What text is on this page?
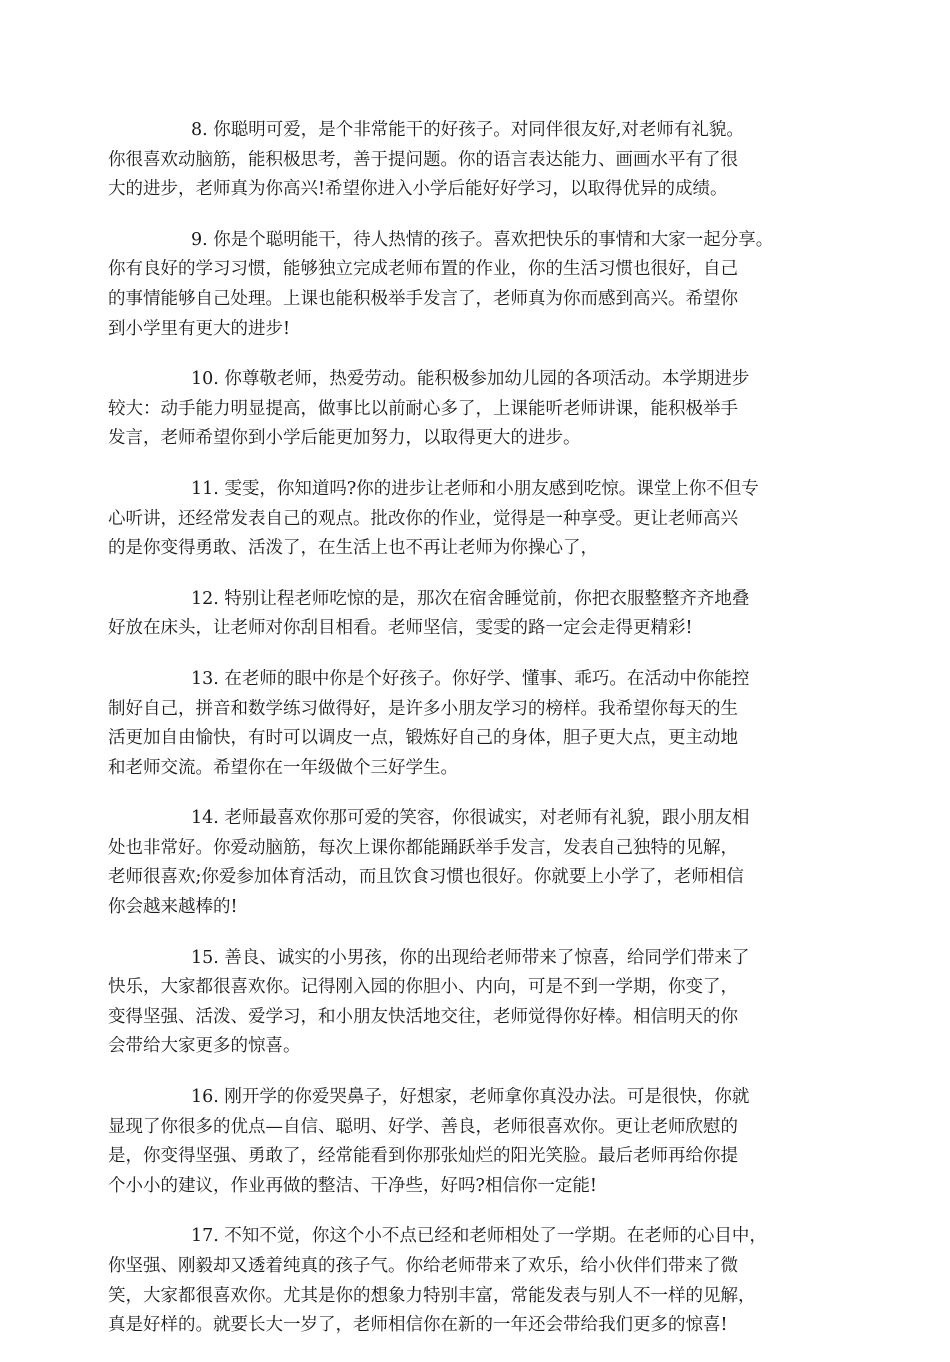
8. 你聪明可爱，是个非常能干的好孩子。对同伴很友好,对老师有礼貌。
你很喜欢动脑筋，能积极思考，善于提问题。你的语言表达能力、画画水平有了很
大的进步，老师真为你高兴!希望你进入小学后能好好学习，以取得优异的成绩。

9. 你是个聪明能干，待人热情的孩子。喜欢把快乐的事情和大家一起分享。
你有良好的学习习惯，能够独立完成老师布置的作业，你的生活习惯也很好，自己
的事情能够自己处理。上课也能积极举手发言了，老师真为你而感到高兴。希望你
到小学里有更大的进步!

10. 你尊敬老师，热爱劳动。能积极参加幼儿园的各项活动。本学期进步
较大：动手能力明显提高，做事比以前耐心多了，上课能听老师讲课，能积极举手
发言，老师希望你到小学后能更加努力，以取得更大的进步。

11. 雯雯，你知道吗?你的进步让老师和小朋友感到吃惊。课堂上你不但专
心听讲，还经常发表自己的观点。批改你的作业，觉得是一种享受。更让老师高兴
的是你变得勇敢、活泼了，在生活上也不再让老师为你操心了，

12. 特别让程老师吃惊的是，那次在宿舍睡觉前，你把衣服整整齐齐地叠
好放在床头，让老师对你刮目相看。老师坚信，雯雯的路一定会走得更精彩!

13. 在老师的眼中你是个好孩子。你好学、懂事、乖巧。在活动中你能控
制好自己，拼音和数学练习做得好，是许多小朋友学习的榜样。我希望你每天的生
活更加自由愉快，有时可以调皮一点，锻炼好自己的身体，胆子更大点，更主动地
和老师交流。希望你在一年级做个三好学生。

14. 老师最喜欢你那可爱的笑容，你很诚实，对老师有礼貌，跟小朋友相
处也非常好。你爱动脑筋，每次上课你都能踊跃举手发言，发表自己独特的见解，
老师很喜欢;你爱参加体育活动，而且饮食习惯也很好。你就要上小学了，老师相信
你会越来越棒的!

15. 善良、诚实的小男孩，你的出现给老师带来了惊喜，给同学们带来了
快乐，大家都很喜欢你。记得刚入园的你胆小、内向，可是不到一学期，你变了，
变得坚强、活泼、爱学习，和小朋友快活地交往，老师觉得你好棒。相信明天的你
会带给大家更多的惊喜。

16. 刚开学的你爱哭鼻子，好想家，老师拿你真没办法。可是很快，你就
显现了你很多的优点—自信、聪明、好学、善良，老师很喜欢你。更让老师欣慰的
是，你变得坚强、勇敢了，经常能看到你那张灿烂的阳光笑脸。最后老师再给你提
个小小的建议，作业再做的整洁、干净些，好吗?相信你一定能!

17. 不知不觉，你这个小不点已经和老师相处了一学期。在老师的心目中，
你坚强、刚毅却又透着纯真的孩子气。你给老师带来了欢乐，给小伙伴们带来了微
笑，大家都很喜欢你。尤其是你的想象力特别丰富，常能发表与别人不一样的见解，
真是好样的。就要长大一岁了，老师相信你在新的一年还会带给我们更多的惊喜!
